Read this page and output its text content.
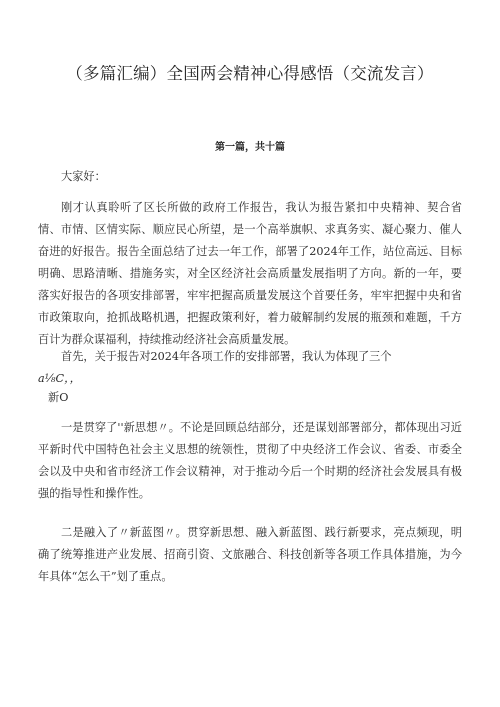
（多篇汇编）全国两会精神心得感悟（交流发言）
第一篇，共十篇

大家好：

刚才认真聆听了区长所做的政府工作报告，我认为报告紧扣中央精神、契合省情、市情、区情实际、顺应民心所望，是一个高举旗帜、求真务实、凝心聚力、催人奋进的好报告。报告全面总结了过去一年工作，部署了2024年工作，站位高远、目标明确、思路清晰、措施务实，对全区经济社会高质量发展指明了方向。新的一年，要落实好报告的各项安排部署，牢牢把握高质量发展这个首要任务，牢牢把握中央和省市政策取向，抢抓战略机遇，把握政策利好，着力破解制约发展的瓶颈和难题，千方百计为群众谋福利，持续推动经济社会高质量发展。

首先，关于报告对2024年各项工作的安排部署，我认为体现了三个

a⅛C，，
新O

一是贯穿了''新思想〃。不论是回顾总结部分，还是谋划部署部分，都体现出习近平新时代中国特色社会主义思想的统领性，贯彻了中央经济工作会议、省委、市委全会以及中央和省市经济工作会议精神，对于推动今后一个时期的经济社会发展具有极强的指导性和操作性。

二是融入了〃新蓝图〃。贯穿新思想、融入新蓝图、践行新要求，亮点频现，明确了统筹推进产业发展、招商引资、文旅融合、科技创新等各项工作具体措施，为今年具体“怎么干”划了重点。
